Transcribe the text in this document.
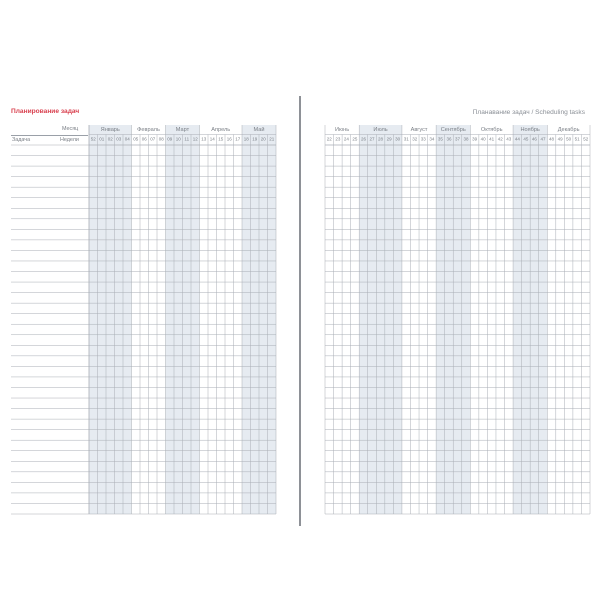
Планирование задач
Месяц
Недели
Задача
Январь	Февраль	Март	Апрель	Май
52 01 02 03 04 05 06 07 08 09 10 11 12 13 14 15 16 17 18 19 20 21
Планавание задач / Scheduling tasks
Июнь	Июль	Август Сентябрь	Октябрь	Ноябрь	Декабрь
22 23 24 25 26 27 28 29 30 31 32 33 34 35 36 37 38 39 40 41 42 43 44 45 46 47 48 49 50 51 52
